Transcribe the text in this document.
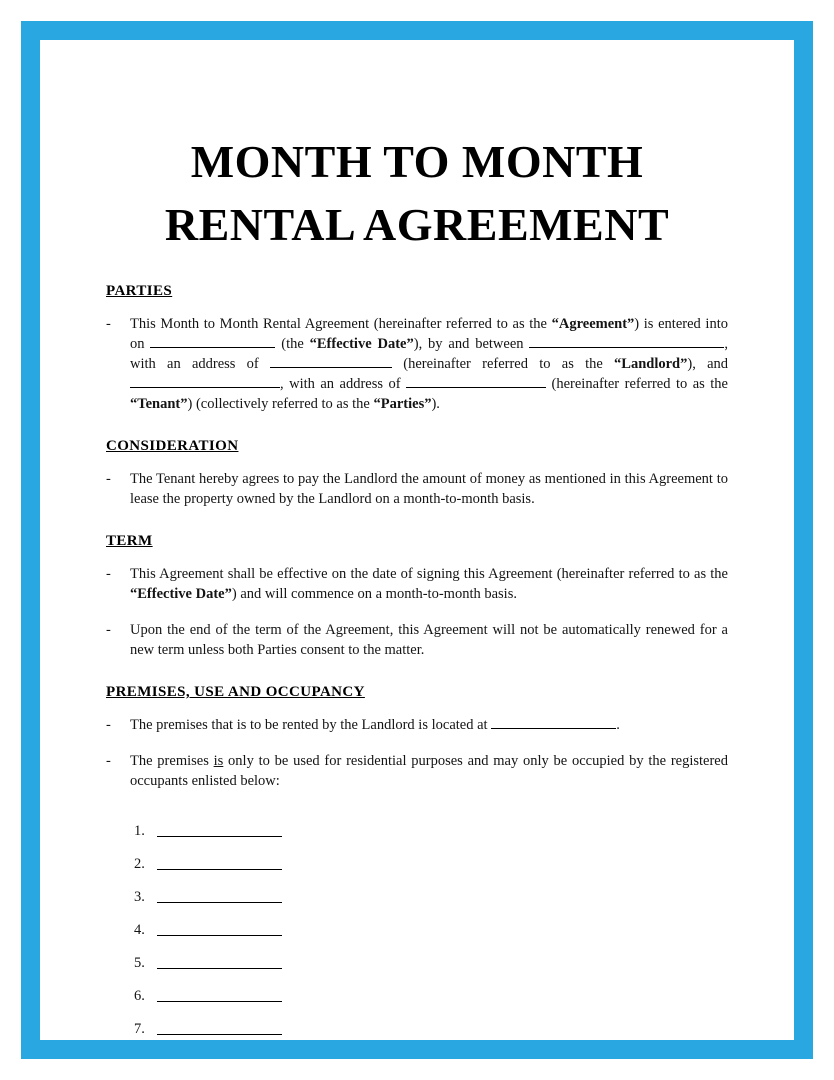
MONTH TO MONTH
RENTAL AGREEMENT
PARTIES
-	This Month to Month Rental Agreement (hereinafter referred to as the “Agreement”) is entered into on	(the “Effective Date”), by and between	, with an address of	(hereinafter referred to as the “Landlord”), and , with an address of	(hereinafter referred to as the “Tenant”) (collectively referred to as the “Parties”).

CONSIDERATION
-	The Tenant hereby agrees to pay the Landlord the amount of money as mentioned in this Agreement to lease the property owned by the Landlord on a month-to-month basis.

TERM
-	This Agreement shall be effective on the date of signing this Agreement (hereinafter referred to as the “Effective Date”) and will commence on a month-to-month basis.

-	Upon the end of the term of the Agreement, this Agreement will not be automatically renewed for a new term unless both Parties consent to the matter.

PREMISES, USE AND OCCUPANCY
-	The premises that is to be rented by the Landlord is located at	.

-	The premises is only to be used for residential purposes and may only be occupied by the registered occupants enlisted below:

1.
2.
3.
4.
5.
6.
7.
